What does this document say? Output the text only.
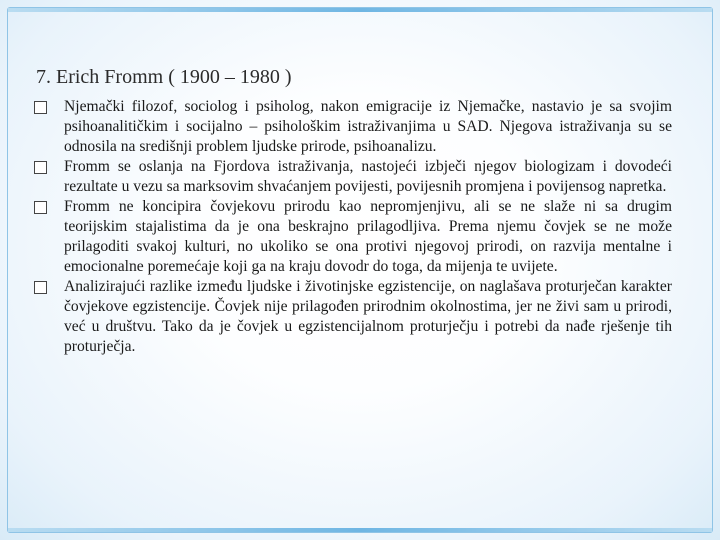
7. Erich Fromm ( 1900 – 1980 )
Njemački filozof, sociolog i psiholog, nakon emigracije iz Njemačke, nastavio je sa svojim psihoanalitičkim i socijalno – psihološkim istraživanjima u SAD. Njegova istraživanja su se odnosila na središnji problem ljudske prirode, psihoanalizu.
Fromm se oslanja na Fjordova istraživanja, nastojeći izbječi njegov biologizam i dovodeći rezultate u vezu sa marksovim shvaćanjem povijesti, povijesnih promjena i povijensog napretka.
Fromm ne koncipira čovjekovu prirodu kao nepromjenjivu, ali se ne slaže ni sa drugim teorijskim stajalistima da je ona beskrajno prilagodljiva. Prema njemu čovjek se ne može prilagoditi svakoj kulturi, no ukoliko se ona protivi njegovoj prirodi, on razvija mentalne i emocionalne poremećaje koji ga na kraju dovodr do toga, da mijenja te uvijete.
Analizirajući razlike između ljudske i životinjske egzistencije, on naglašava proturječan karakter čovjekove egzistencije. Čovjek nije prilagođen prirodnim okolnostima, jer ne živi sam u prirodi, već u društvu. Tako da je čovjek u egzistencijalnom proturječju i potrebi da nađe rješenje tih proturječja.
